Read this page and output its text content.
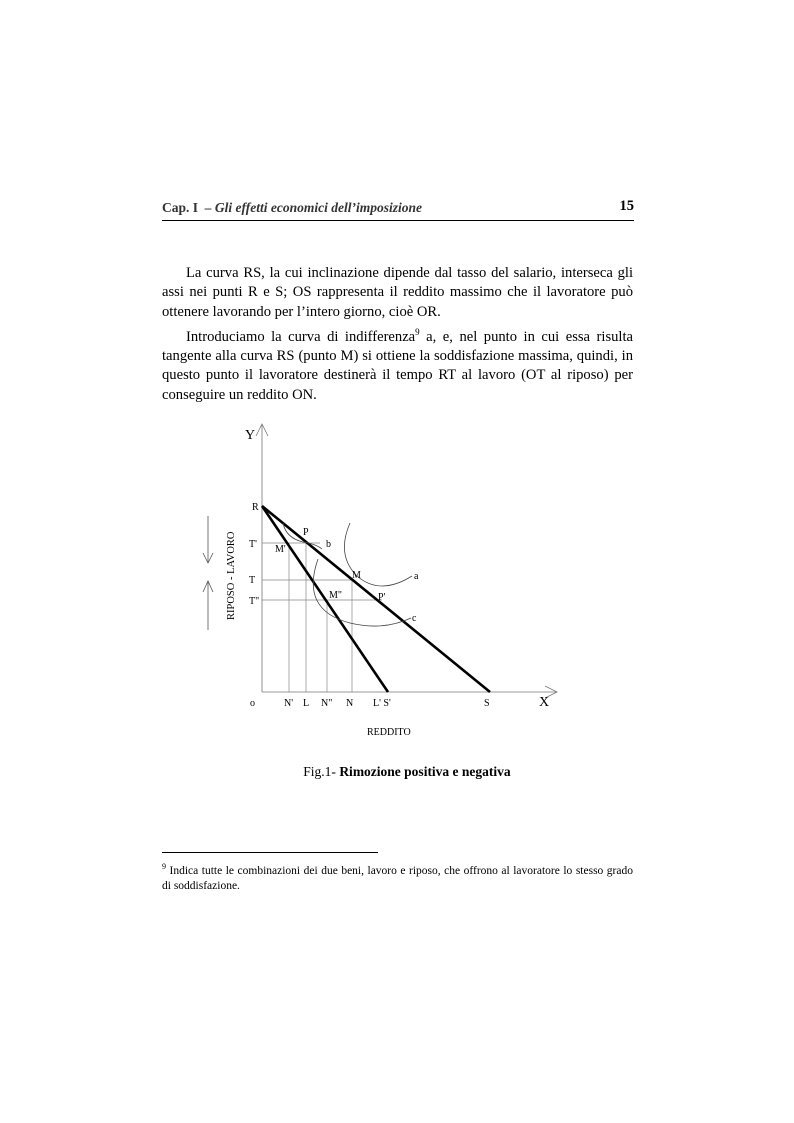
Cap. I – Gli effetti economici dell’imposizione	15

La curva RS, la cui inclinazione dipende dal tasso del salario, interseca gli assi nei punti R e S; OS rappresenta il reddito massimo che il lavoratore può ottenere lavorando per l’intero giorno, cioè OR.

Introduciamo la curva di indifferenza$^9$ a, e, nel punto in cui essa risulta tangente alla curva RS (punto M) si ottiene la soddisfazione massima, quindi, in questo punto il lavoratore destinerà il tempo RT al lavoro (OT al riposo) per conseguire un reddito ON.

Y
X
o
RIPOSO - LAVORO
REDDITO
R
T'
T
T"
N' L N" N L' S'	S
P
M'	b
M	a
M"	P'
c
Fig.1- Rimozione positiva e negativa
$^9$ Indica tutte le combinazioni dei due beni, lavoro e riposo, che offrono al lavoratore lo stesso grado di soddisfazione.
